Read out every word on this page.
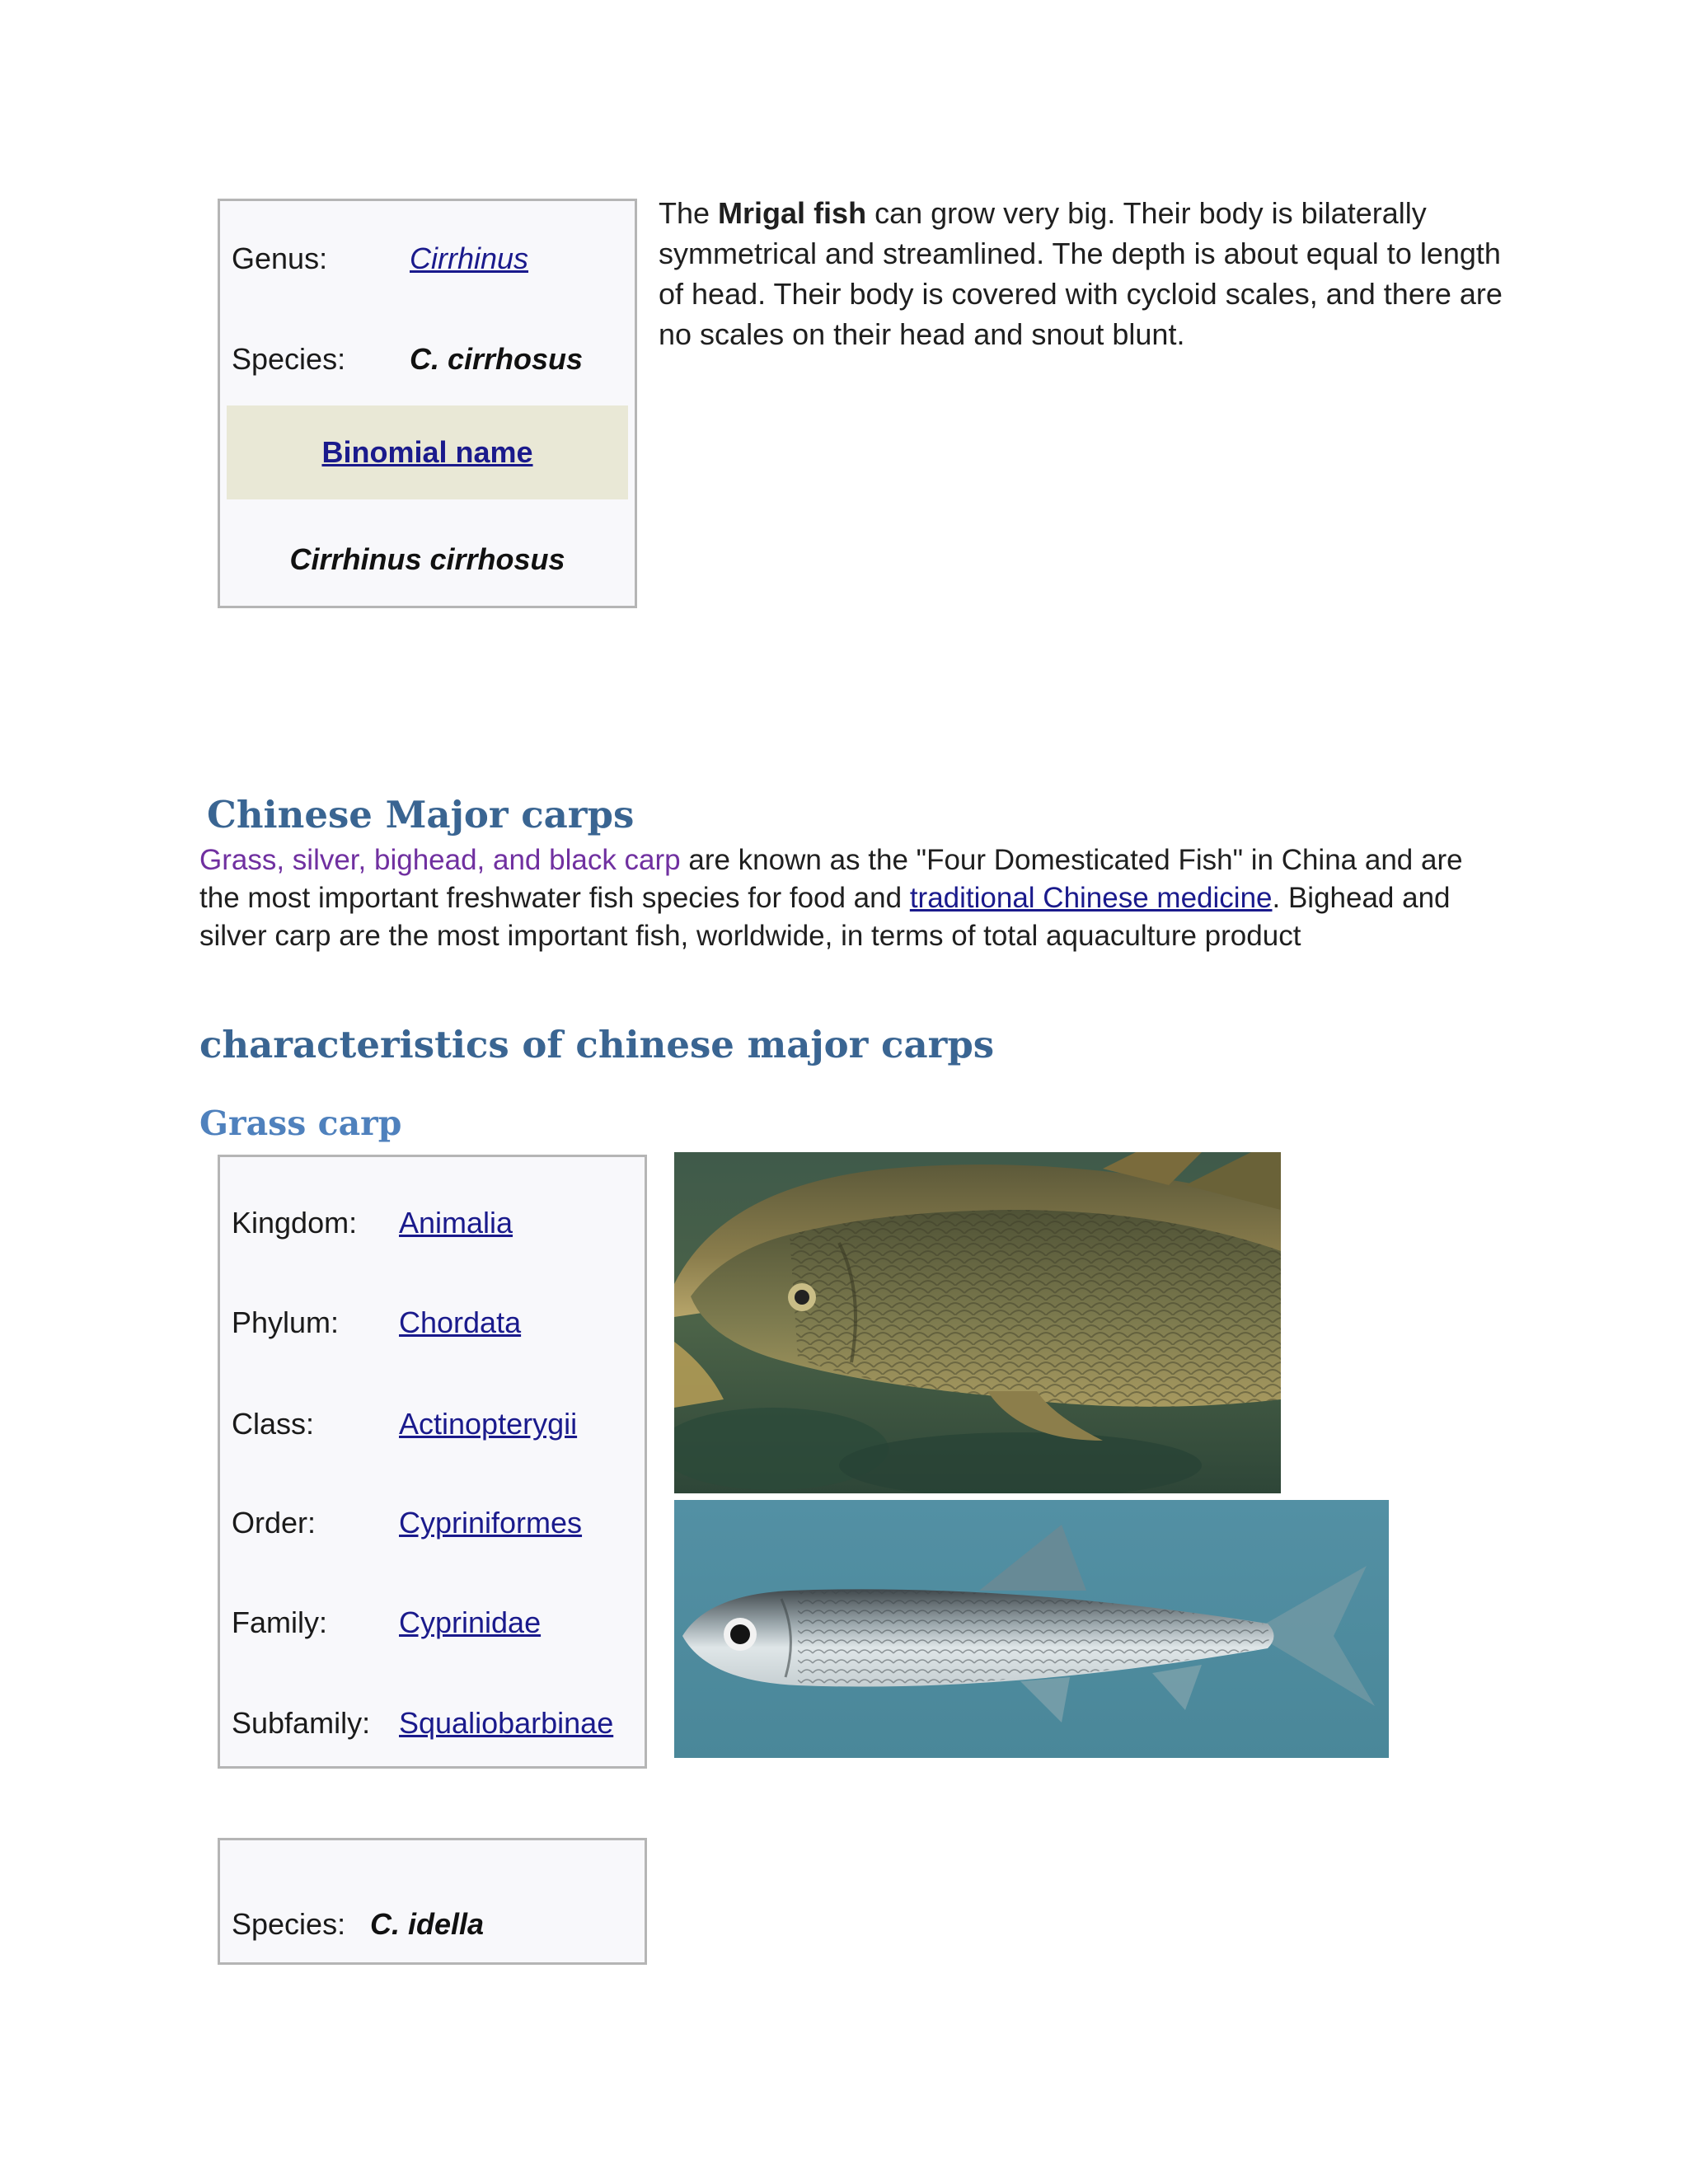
Genus:	Cirrhinus
Species:	C. cirrhosus
Binomial name
Cirrhinus cirrhosus
The Mrigal fish can grow very big. Their body is bilaterally symmetrical and streamlined. The depth is about equal to length of head. Their body is covered with cycloid scales, and there are no scales on their head and snout blunt.
Chinese Major carps
Grass, silver, bighead, and black carp are known as the "Four Domesticated Fish" in China and are the most important freshwater fish species for food and traditional Chinese medicine. Bighead and silver carp are the most important fish, worldwide, in terms of total aquaculture product
characteristics of chinese major carps
Grass carp
Kingdom:	Animalia
Phylum:	Chordata
Class:	Actinopterygii
Order:	Cypriniformes
Family:	Cyprinidae
Subfamily: Squaliobarbinae
Species: C. idella
